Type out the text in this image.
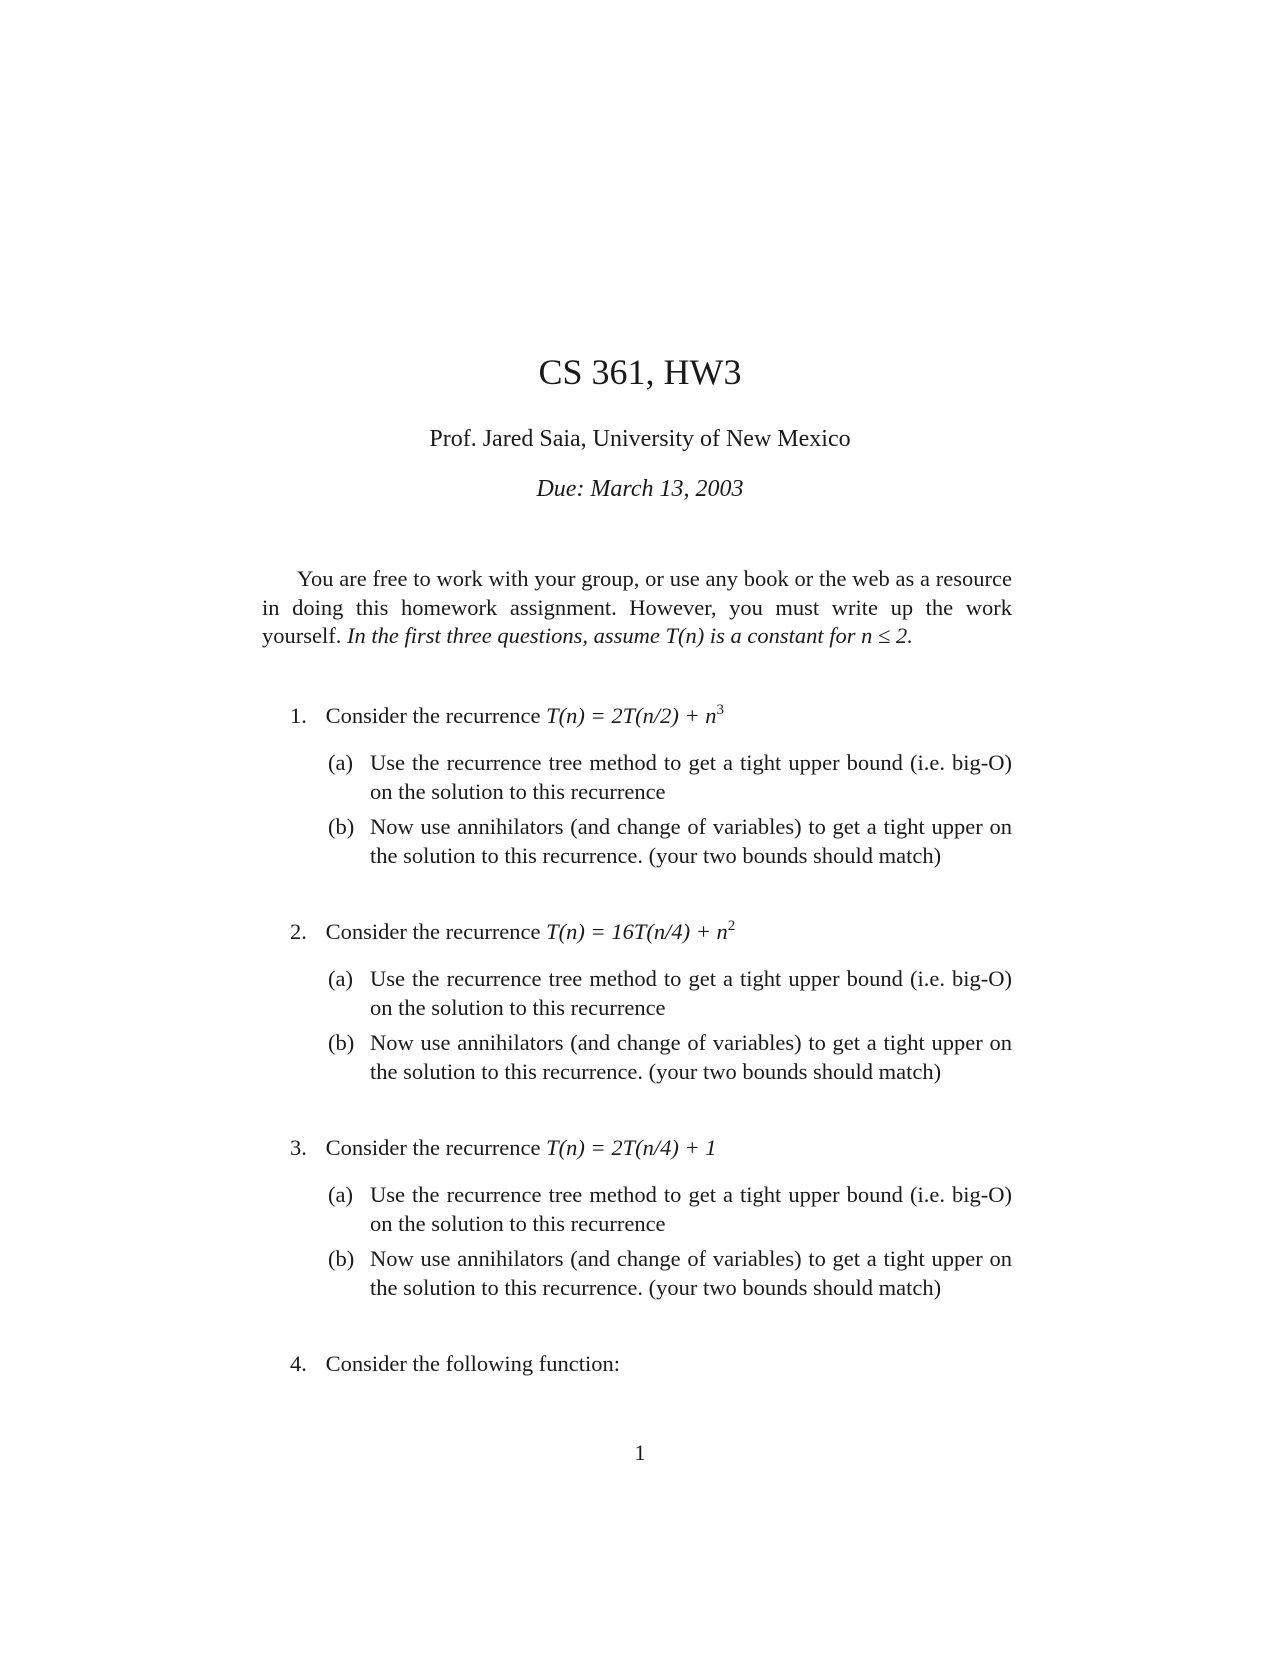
CS 361, HW3
Prof. Jared Saia, University of New Mexico
Due: March 13, 2003
You are free to work with your group, or use any book or the web as a resource in doing this homework assignment. However, you must write up the work yourself. In the first three questions, assume T(n) is a constant for n ≤ 2.
1. Consider the recurrence $T(n) = 2T(n/2) + n^3$
(a) Use the recurrence tree method to get a tight upper bound (i.e. big-O) on the solution to this recurrence
(b) Now use annihilators (and change of variables) to get a tight upper on the solution to this recurrence. (your two bounds should match)
2. Consider the recurrence $T(n) = 16T(n/4) + n^2$
(a) Use the recurrence tree method to get a tight upper bound (i.e. big-O) on the solution to this recurrence
(b) Now use annihilators (and change of variables) to get a tight upper on the solution to this recurrence. (your two bounds should match)
3. Consider the recurrence T(n) = 2T(n/4) + 1
(a) Use the recurrence tree method to get a tight upper bound (i.e. big-O) on the solution to this recurrence
(b) Now use annihilators (and change of variables) to get a tight upper on the solution to this recurrence. (your two bounds should match)
4. Consider the following function:
1
